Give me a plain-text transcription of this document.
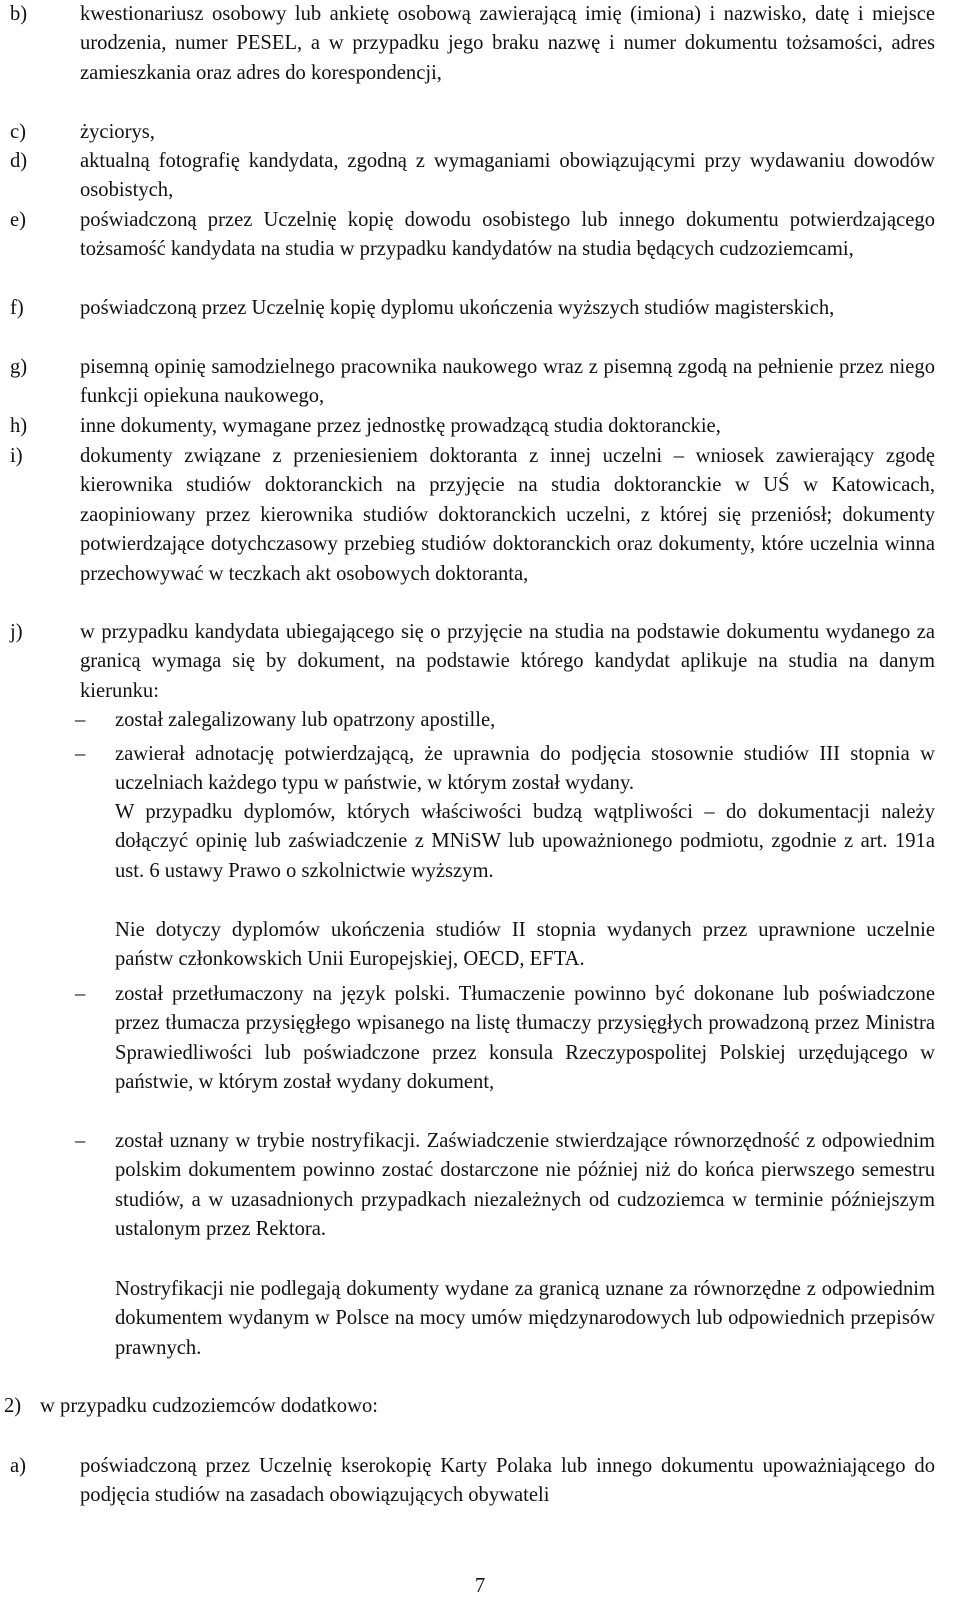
b)	kwestionariusz osobowy lub ankietę osobową zawierającą imię (imiona) i nazwisko, datę i miejsce urodzenia, numer PESEL, a w przypadku jego braku nazwę i numer dokumentu tożsamości, adres zamieszkania oraz adres do korespondencji,
c)	życiorys,
d)	aktualną fotografię kandydata, zgodną z wymaganiami obowiązującymi przy wydawaniu dowodów osobistych,
e)	poświadczoną przez Uczelnię kopię dowodu osobistego lub innego dokumentu potwierdzającego tożsamość kandydata na studia w przypadku kandydatów na studia będących cudzoziemcami,
f)	poświadczoną przez Uczelnię kopię dyplomu ukończenia wyższych studiów magisterskich,
g)	pisemną opinię samodzielnego pracownika naukowego wraz z pisemną zgodą na pełnienie przez niego funkcji opiekuna naukowego,
h)	inne dokumenty, wymagane przez jednostkę prowadzącą studia doktoranckie,
i)	dokumenty związane z przeniesieniem doktoranta z innej uczelni – wniosek zawierający zgodę kierownika studiów doktoranckich na przyjęcie na studia doktoranckie w UŚ w Katowicach, zaopiniowany przez kierownika studiów doktoranckich uczelni, z której się przeniósł; dokumenty potwierdzające dotychczasowy przebieg studiów doktoranckich oraz dokumenty, które uczelnia winna przechowywać w teczkach akt osobowych doktoranta,
j)	w przypadku kandydata ubiegającego się o przyjęcie na studia na podstawie dokumentu wydanego za granicą wymaga się by dokument, na podstawie którego kandydat aplikuje na studia na danym kierunku:
– został zalegalizowany lub opatrzony apostille,
– zawierał adnotację potwierdzającą, że uprawnia do podjęcia stosownie studiów III stopnia w uczelniach każdego typu w państwie, w którym został wydany.
W przypadku dyplomów, których właściwości budzą wątpliwości – do dokumentacji należy dołączyć opinię lub zaświadczenie z MNiSW lub upoważnionego podmiotu, zgodnie z art. 191a ust. 6 ustawy Prawo o szkolnictwie wyższym.
Nie dotyczy dyplomów ukończenia studiów II stopnia wydanych przez uprawnione uczelnie państw członkowskich Unii Europejskiej, OECD, EFTA.
– został przetłumaczony na język polski. Tłumaczenie powinno być dokonane lub poświadczone przez tłumacza przysięgłego wpisanego na listę tłumaczy przysięgłych prowadzoną przez Ministra Sprawiedliwości lub poświadczone przez konsula Rzeczypospolitej Polskiej urzędującego w państwie, w którym został wydany dokument,
– został uznany w trybie nostryfikacji. Zaświadczenie stwierdzające równorzędność z odpowiednim polskim dokumentem powinno zostać dostarczone nie później niż do końca pierwszego semestru studiów, a w uzasadnionych przypadkach niezależnych od cudzoziemca w terminie późniejszym ustalonym przez Rektora.
Nostryfikacji nie podlegają dokumenty wydane za granicą uznane za równorzędne z odpowiednim dokumentem wydanym w Polsce na mocy umów międzynarodowych lub odpowiednich przepisów prawnych.
2) w przypadku cudzoziemców dodatkowo:
a)	poświadczoną przez Uczelnię kserokopię Karty Polaka lub innego dokumentu upoważniającego do podjęcia studiów na zasadach obowiązujących obywateli
7
